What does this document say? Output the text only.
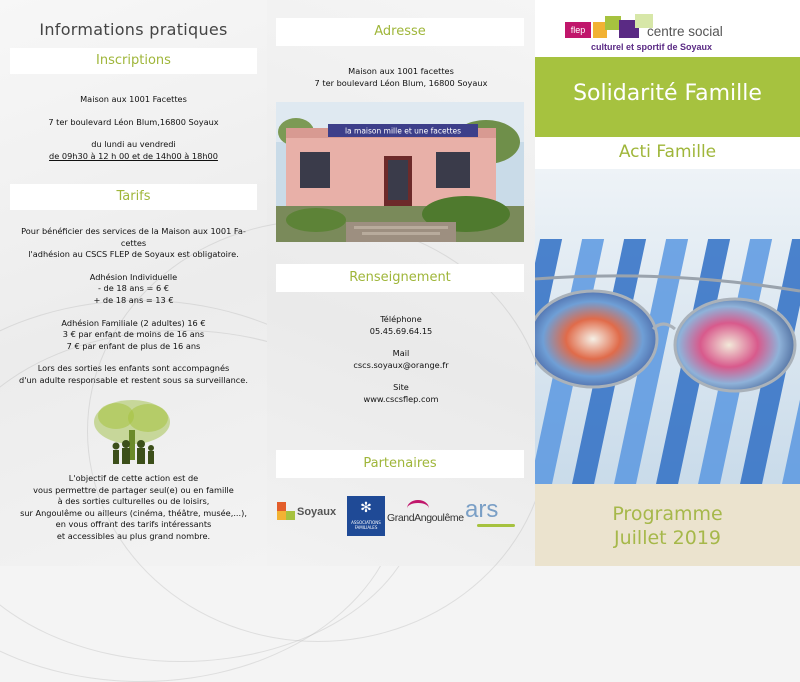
Informations pratiques
Inscriptions
Maison aux 1001 Facettes
7 ter boulevard Léon Blum,16800 Soyaux
du lundi au vendredi
de 09h30 à 12 h 00 et de 14h00 à 18h00
Tarifs
Pour bénéficier des services de la Maison aux 1001 Fa-
cettes
l'adhésion au CSCS FLEP de Soyaux est obligatoire.
Adhésion Individuelle
- de 18 ans = 6 €
+ de 18 ans = 13 €
Adhésion Familiale (2 adultes) 16 €
3 € par enfant de moins de 16 ans
7 € par enfant de plus de 16 ans
Lors des sorties les enfants sont accompagnés
d'un adulte responsable et restent sous sa surveillance.
L'objectif de cette action est de
vous permettre de partager seul(e) ou en famille
à des sorties culturelles ou de loisirs,
sur Angoulême ou ailleurs (cinéma, théâtre, musée,...),
en vous offrant des tarifs intéressants
et accessibles au plus grand nombre.
Adresse
Maison aux 1001 facettes
7 ter boulevard Léon Blum, 16800 Soyaux
la maison mille et une facettes
Renseignement
Téléphone
05.45.69.64.15
Mail
cscs.soyaux@orange.fr
Site
www.cscsflep.com
Partenaires
Soyaux	✻
ASSOCIATIONS
FAMILIALES
GrandAngoulême ars
flep	centre social
culturel et sportif de Soyaux
Solidarité Famille
Acti Famille
Programme
Juillet 2019
